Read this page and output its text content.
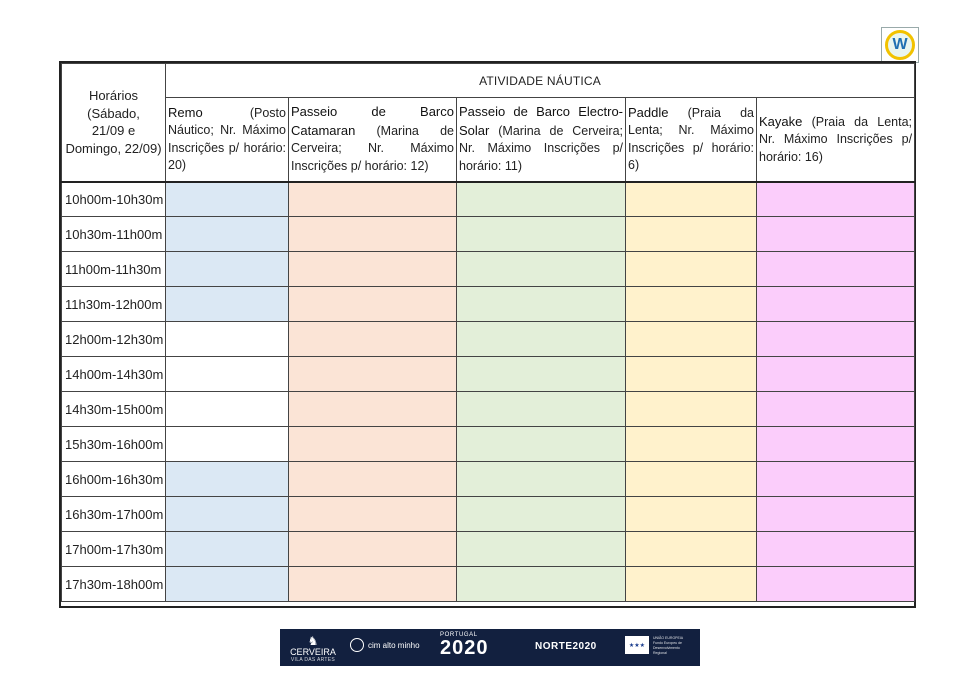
W
Horários (Sábado,
21/09 e
Domingo, 22/09)	ATIVIDADE NÁUTICA				
	Remo (Posto Náutico; Nr. Máximo Inscrições p/ horário: 20)	Passeio de Barco Catamaran (Marina de Cerveira; Nr. Máximo Inscrições p/ horário: 12)	Passeio de Barco Electro-Solar (Marina de Cerveira; Nr. Máximo Inscrições p/ horário: 11)	Paddle (Praia da Lenta; Nr. Máximo Inscrições p/ horário: 6)	Kayake (Praia da Lenta; Nr. Máximo Inscrições p/ horário: 16)
10h00m-10h30m					
10h30m-11h00m					
11h00m-11h30m					
11h30m-12h00m					
12h00m-12h30m					
14h00m-14h30m					
14h30m-15h00m					
15h30m-16h00m					
16h00m-16h30m					
16h30m-17h00m					
17h00m-17h30m					
17h30m-18h00m					
♞
CERVEIRA
VILA DAS ARTES
cim alto minho
PORTUGAL
2020	NORTE2020	★★★
UNIÃO EUROPEIA
Fundo Europeu de Desenvolvimento Regional
